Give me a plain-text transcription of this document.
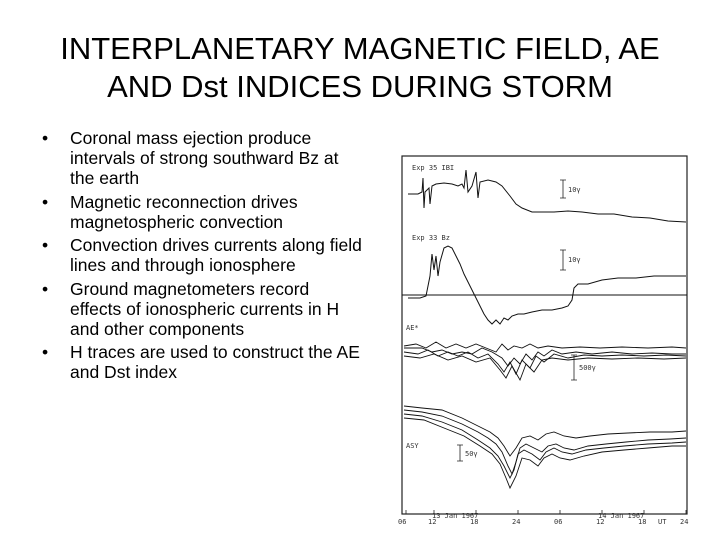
INTERPLANETARY MAGNETIC FIELD, AE
AND Dst INDICES DURING STORM
• Coronal mass ejection produce intervals of strong southward Bz at the earth
• Magnetic reconnection drives magnetospheric convection
• Convection drives currents along field lines and through ionosphere
• Ground magnetometers record effects of ionospheric currents in H and other components
• H traces are used to construct the AE and Dst index
Exp 35 IBI
Exp 33 Bz
AE*
ASY
10γ
10γ
500γ
50γ
06	12	18	24	06	12	18 UT 24
13 Jan 1967	14 Jan 1967
